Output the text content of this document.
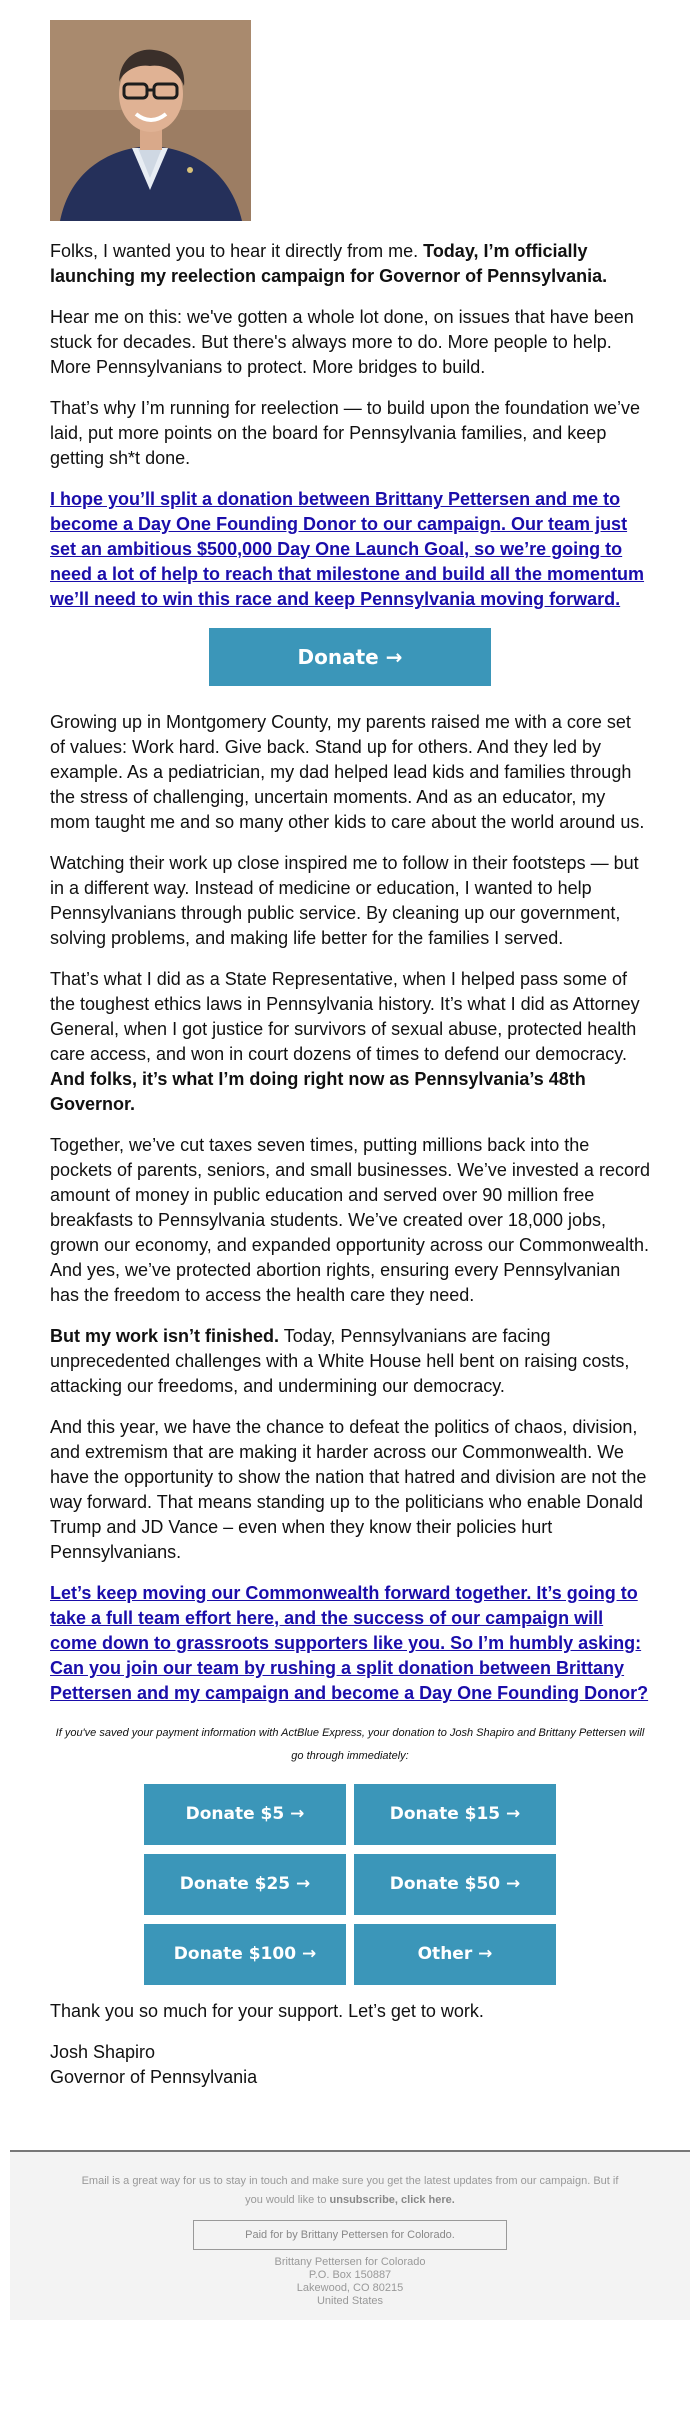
Folks, I wanted you to hear it directly from me. Today, I’m officially launching my reelection campaign for Governor of Pennsylvania.

Hear me on this: we've gotten a whole lot done, on issues that have been stuck for decades. But there's always more to do. More people to help. More Pennsylvanians to protect. More bridges to build.

That’s why I’m running for reelection — to build upon the foundation we’ve laid, put more points on the board for Pennsylvania families, and keep getting sh*t done.

I hope you’ll split a donation between Brittany Pettersen and me to become a Day One Founding Donor to our campaign. Our team just set an ambitious $500,000 Day One Launch Goal, so we’re going to need a lot of help to reach that milestone and build all the momentum we’ll need to win this race and keep Pennsylvania moving forward.

Donate →

Growing up in Montgomery County, my parents raised me with a core set of values: Work hard. Give back. Stand up for others. And they led by example. As a pediatrician, my dad helped lead kids and families through the stress of challenging, uncertain moments. And as an educator, my mom taught me and so many other kids to care about the world around us.

Watching their work up close inspired me to follow in their footsteps — but in a different way. Instead of medicine or education, I wanted to help Pennsylvanians through public service. By cleaning up our government, solving problems, and making life better for the families I served.

That’s what I did as a State Representative, when I helped pass some of the toughest ethics laws in Pennsylvania history. It’s what I did as Attorney General, when I got justice for survivors of sexual abuse, protected health care access, and won in court dozens of times to defend our democracy. And folks, it’s what I’m doing right now as Pennsylvania’s 48th Governor.

Together, we’ve cut taxes seven times, putting millions back into the pockets of parents, seniors, and small businesses. We’ve invested a record amount of money in public education and served over 90 million free breakfasts to Pennsylvania students. We’ve created over 18,000 jobs, grown our economy, and expanded opportunity across our Commonwealth. And yes, we’ve protected abortion rights, ensuring every Pennsylvanian has the freedom to access the health care they need.

But my work isn’t finished. Today, Pennsylvanians are facing unprecedented challenges with a White House hell bent on raising costs, attacking our freedoms, and undermining our democracy.

And this year, we have the chance to defeat the politics of chaos, division, and extremism that are making it harder across our Commonwealth. We have the opportunity to show the nation that hatred and division are not the way forward. That means standing up to the politicians who enable Donald Trump and JD Vance – even when they know their policies hurt Pennsylvanians.

Let’s keep moving our Commonwealth forward together. It’s going to take a full team effort here, and the success of our campaign will come down to grassroots supporters like you. So I’m humbly asking: Can you join our team by rushing a split donation between Brittany Pettersen and my campaign and become a Day One Founding Donor?

If you've saved your payment information with ActBlue Express, your donation to Josh Shapiro and Brittany Pettersen will go through immediately:
Donate $5 →	Donate $15 →
Donate $25 →	Donate $50 →
Donate $100 →	Other →

Thank you so much for your support. Let’s get to work.

Josh Shapiro
Governor of Pennsylvania

Email is a great way for us to stay in touch and make sure you get the latest updates from our campaign. But if you would like to unsubscribe, click here.
Paid for by Brittany Pettersen for Colorado.
Brittany Pettersen for Colorado
P.O. Box 150887
Lakewood, CO 80215
United States
